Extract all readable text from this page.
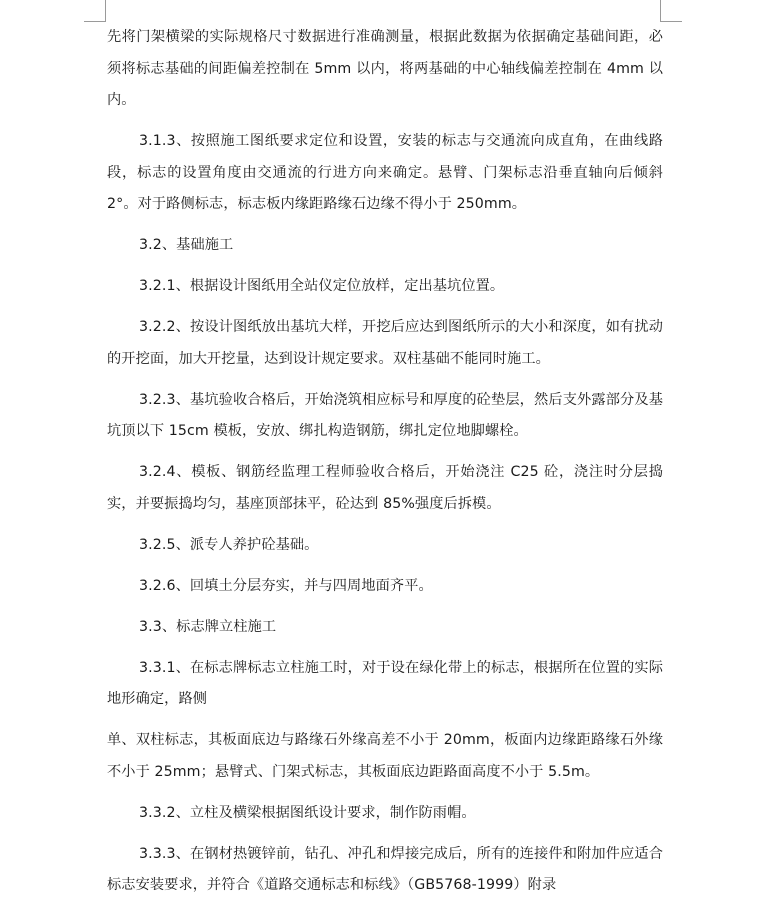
先将门架横梁的实际规格尺寸数据进行准确测量，根据此数据为依据确定基础间距，必须将标志基础的间距偏差控制在 5mm 以内，将两基础的中心轴线偏差控制在 4mm 以内。

3.1.3、按照施工图纸要求定位和设置，安装的标志与交通流向成直角，在曲线路段，标志的设置角度由交通流的行进方向来确定。悬臂、门架标志沿垂直轴向后倾斜 2°。对于路侧标志，标志板内缘距路缘石边缘不得小于 250mm。

3.2、基础施工

3.2.1、根据设计图纸用全站仪定位放样，定出基坑位置。

3.2.2、按设计图纸放出基坑大样，开挖后应达到图纸所示的大小和深度，如有扰动的开挖面，加大开挖量，达到设计规定要求。双柱基础不能同时施工。

3.2.3、基坑验收合格后，开始浇筑相应标号和厚度的砼垫层，然后支外露部分及基坑顶以下 15cm 模板，安放、绑扎构造钢筋，绑扎定位地脚螺栓。

3.2.4、模板、钢筋经监理工程师验收合格后，开始浇注 C25 砼，浇注时分层捣实，并要振捣均匀，基座顶部抹平，砼达到 85%强度后拆模。

3.2.5、派专人养护砼基础。

3.2.6、回填土分层夯实，并与四周地面齐平。

3.3、标志牌立柱施工

3.3.1、在标志牌标志立柱施工时，对于设在绿化带上的标志，根据所在位置的实际地形确定，路侧

单、双柱标志，其板面底边与路缘石外缘高差不小于 20mm，板面内边缘距路缘石外缘不小于 25mm；悬臂式、门架式标志，其板面底边距路面高度不小于 5.5m。

3.3.2、立柱及横梁根据图纸设计要求，制作防雨帽。

3.3.3、在钢材热镀锌前，钻孔、冲孔和焊接完成后，所有的连接件和附加件应适合标志安装要求，并符合《道路交通标志和标线》（GB5768-1999）附录
